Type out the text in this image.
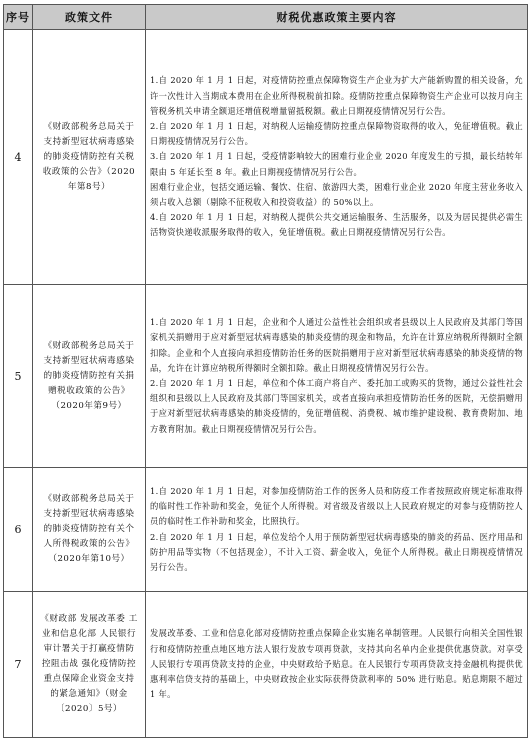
序号	政策文件	财税优惠政策主要内容
4	《财政部税务总局关于支持新型冠状病毒感染的肺炎疫情防控有关税收政策的公告》（2020年第8号）	1.自 2020 年 1 月 1 日起，对疫情防控重点保障物资生产企业为扩大产能新购置的相关设备，允许一次性计入当期成本费用在企业所得税税前扣除。疫情防控重点保障物资生产企业可以按月向主管税务机关申请全额退还增值税增量留抵税额。截止日期视疫情情况另行公告。
2.自 2020 年 1 月 1 日起，对纳税人运输疫情防控重点保障物资取得的收入，免征增值税。截止日期视疫情情况另行公告。
3.自 2020 年 1 月 1 日起，受疫情影响较大的困难行业企业 2020 年度发生的亏损，最长结转年限由 5 年延长至 8 年。截止日期视疫情情况另行公告。
困难行业企业，包括交通运输、餐饮、住宿、旅游四大类，困难行业企业 2020 年度主营业务收入须占收入总额（剔除不征税收入和投资收益）的 50%以上。
4.自 2020 年 1 月 1 日起，对纳税人提供公共交通运输服务、生活服务，以及为居民提供必需生活物资快递收派服务取得的收入，免征增值税。截止日期视疫情情况另行公告。

5	《财政部税务总局关于支持新型冠状病毒感染的肺炎疫情防控有关捐赠税收政策的公告》（2020年第9号）	1.自 2020 年 1 月 1 日起，企业和个人通过公益性社会组织或者县级以上人民政府及其部门等国家机关捐赠用于应对新型冠状病毒感染的肺炎疫情的现金和物品，允许在计算应纳税所得额时全额扣除。企业和个人直接向承担疫情防治任务的医院捐赠用于应对新型冠状病毒感染的肺炎疫情的物品，允许在计算应纳税所得额时全额扣除。截止日期视疫情情况另行公告。
2.自 2020 年 1 月 1 日起，单位和个体工商户将自产、委托加工或购买的货物，通过公益性社会组织和县级以上人民政府及其部门等国家机关，或者直接向承担疫情防治任务的医院，无偿捐赠用于应对新型冠状病毒感染的肺炎疫情的，免征增值税、消费税、城市维护建设税、教育费附加、地方教育附加。截止日期视疫情情况另行公告。

6	《财政部税务总局关于支持新型冠状病毒感染的肺炎疫情防控有关个人所得税政策的公告》（2020年第10号）	1.自 2020 年 1 月 1 日起，对参加疫情防治工作的医务人员和防疫工作者按照政府规定标准取得的临时性工作补助和奖金，免征个人所得税。对省级及省级以上人民政府规定的对参与疫情防控人员的临时性工作补助和奖金，比照执行。
2.自 2020 年 1 月 1 日起，单位发给个人用于预防新型冠状病毒感染的肺炎的药品、医疗用品和防护用品等实物（不包括现金），不计入工资、薪金收入，免征个人所得税。截止日期视疫情情况另行公告。

7	《财政部 发展改革委 工业和信息化部 人民银行 审计署关于打赢疫情防控阻击战 强化疫情防控重点保障企业资金支持的紧急通知》（财金〔2020〕5号）	发展改革委、工业和信息化部对疫情防控重点保障企业实施名单制管理。人民银行向相关全国性银行和疫情防控重点地区地方法人银行发放专项再贷款，支持其向名单内企业提供优惠贷款。对享受人民银行专项再贷款支持的企业，中央财政给予贴息。在人民银行专项再贷款支持金融机构提供优惠利率信贷支持的基础上，中央财政按企业实际获得贷款利率的 50% 进行贴息。贴息期限不超过 1 年。
